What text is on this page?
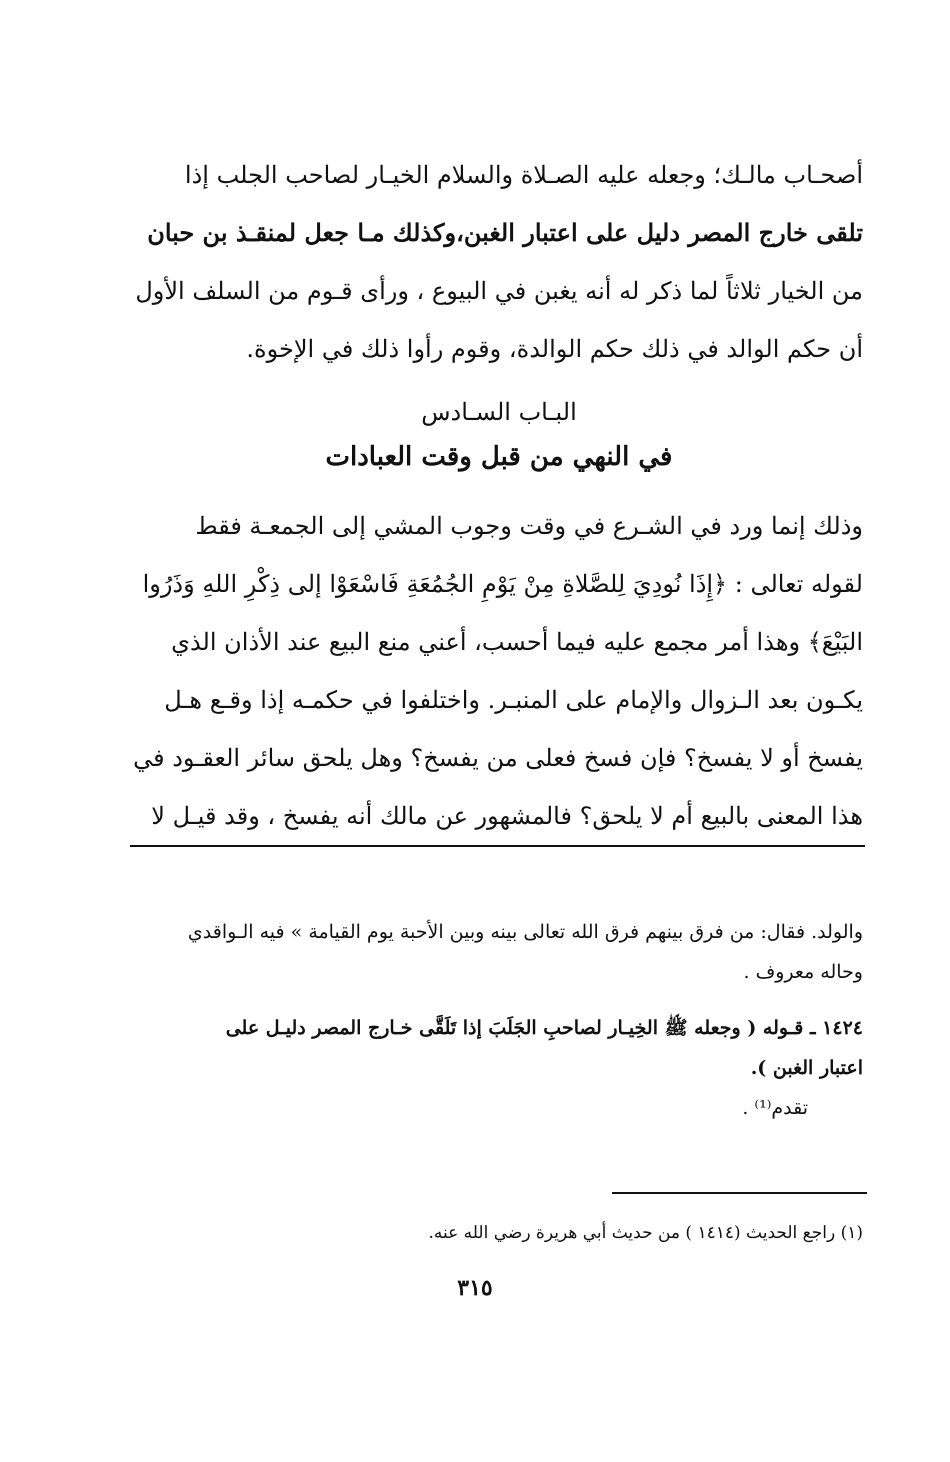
أصحـاب مالـك؛ وجعله عليه الصـلاة والسلام الخيـار لصاحب الجلب إذا
تلقى خارج المصر دليل على اعتبار الغبن،وكذلك مـا جعل لمنقـذ بن حبان
من الخيار ثلاثاً لما ذكر له أنه يغبن في البيوع ، ورأى قـوم من السلف الأول
أن حكم الوالد في ذلك حكم الوالدة، وقوم رأوا ذلك في الإخوة.
البـاب السـادس
في النهي من قبل وقت العبادات
وذلك إنما ورد في الشـرع في وقت وجوب المشي إلى الجمعـة فقط
لقوله تعالى : ﴿إِذَا نُودِيَ لِلصَّلاةِ مِنْ يَوْمِ الجُمُعَةِ فَاسْعَوْا إلى ذِكْرِ اللهِ وَذَرُوا
البَيْعَ﴾ وهذا أمر مجمع عليه فيما أحسب، أعني منع البيع عند الأذان الذي
يكـون بعد الـزوال والإمام على المنبـر. واختلفوا في حكمـه إذا وقـع هـل
يفسخ أو لا يفسخ؟ فإن فسخ فعلى من يفسخ؟ وهل يلحق سائر العقـود في
هذا المعنى بالبيع أم لا يلحق؟ فالمشهور عن مالك أنه يفسخ ، وقد قيـل لا
والولد. فقال: من فرق بينهم فرق الله تعالى بينه وبين الأحبة يوم القيامة » فيه الـواقدي
وحاله معروف .
١٤٢٤ ـ قـوله ( وجعله ﷺ الخِيـار لصاحبِ الجَلَبَ إذا تَلَقَّى خـارج المصر دليـل على
اعتبار الغبن ).
تقدم⁽¹⁾ .
(١) راجع الحديث (١٤١٤ ) من حديث أبي هريرة رضي الله عنه.
٣١٥
